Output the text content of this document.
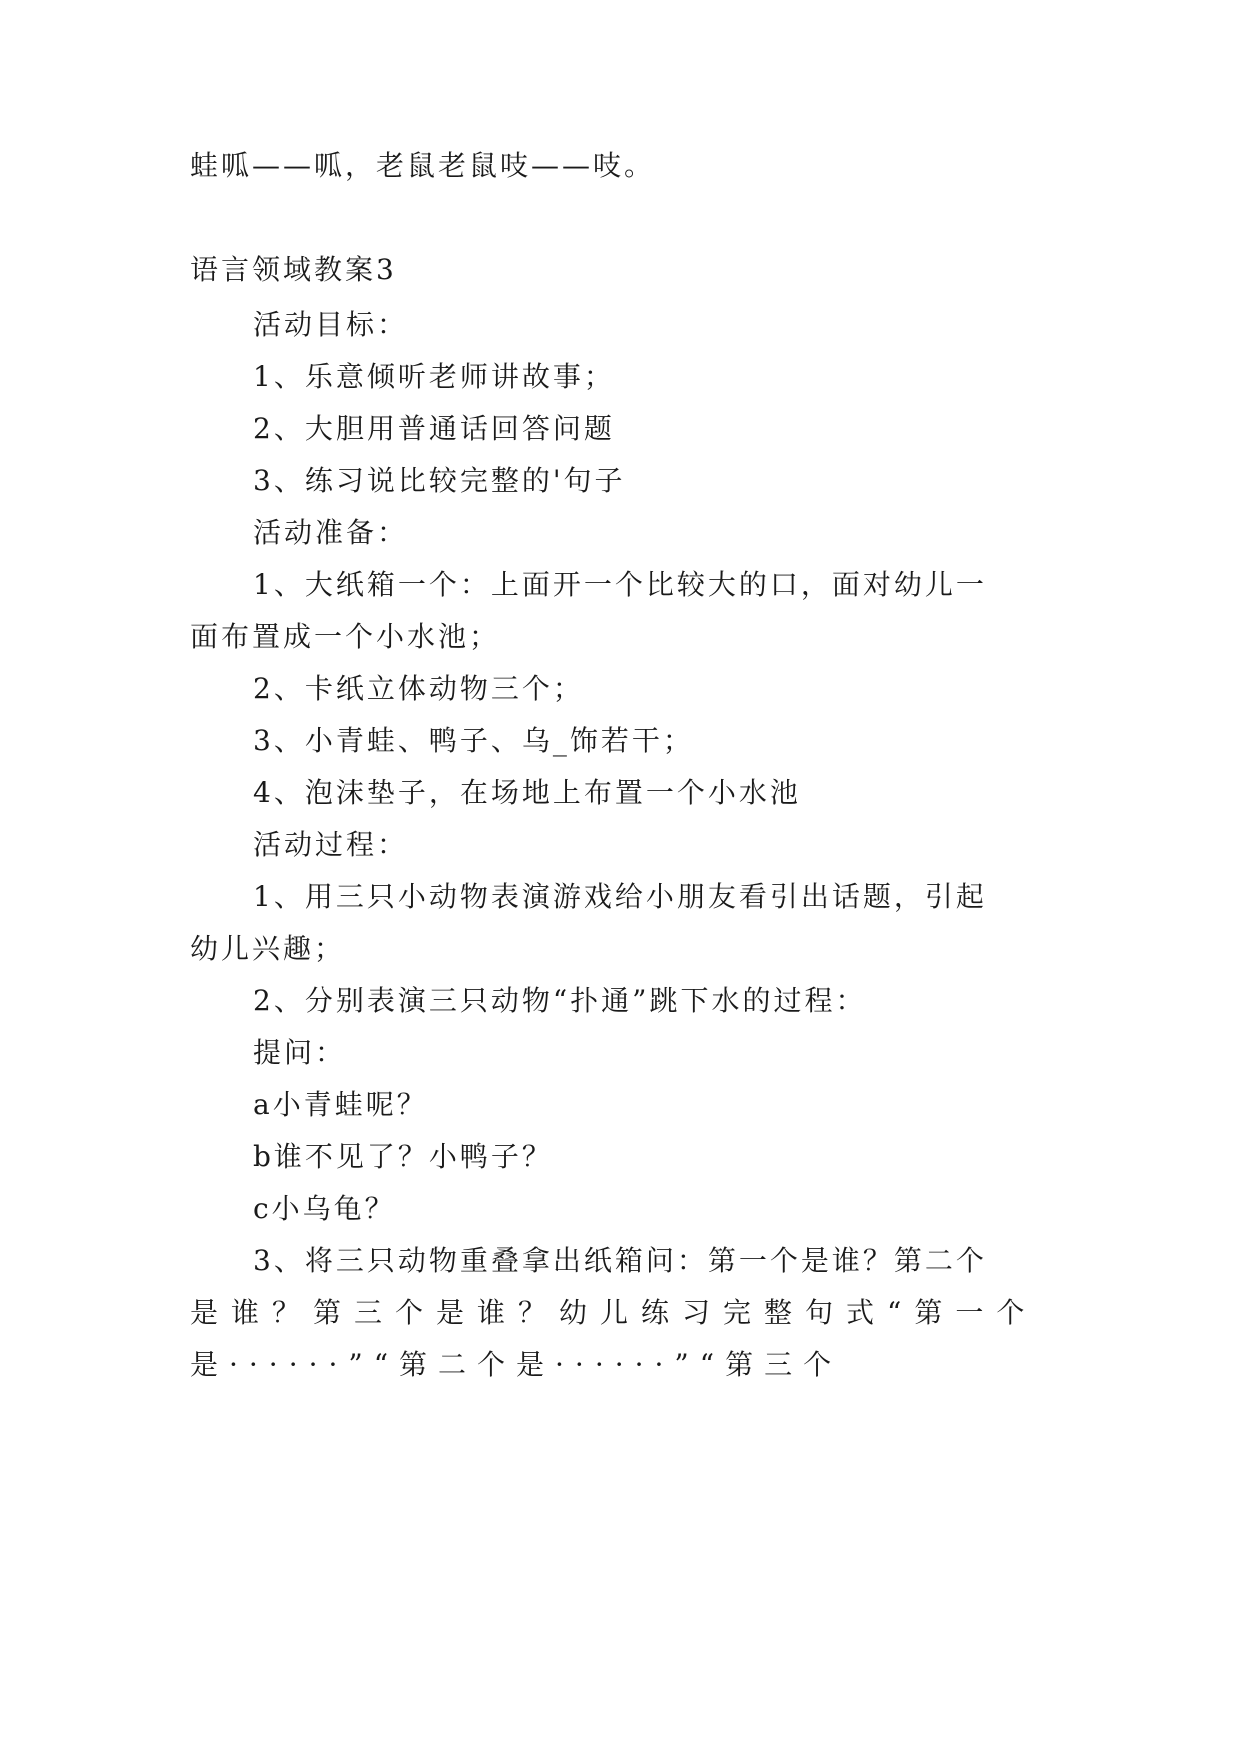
蛙呱——呱，老鼠老鼠吱——吱。
语言领域教案3
活动目标：
1、乐意倾听老师讲故事；
2、大胆用普通话回答问题
3、练习说比较完整的'句子
活动准备：
1、大纸箱一个：上面开一个比较大的口，面对幼儿一
面布置成一个小水池；
2、卡纸立体动物三个；
3、小青蛙、鸭子、乌_饰若干；
4、泡沫垫子，在场地上布置一个小水池
活动过程：
1、用三只小动物表演游戏给小朋友看引出话题，引起
幼儿兴趣；
2、分别表演三只动物“扑通”跳下水的过程：
提问：
a小青蛙呢？
b谁不见了？小鸭子？
c小乌龟？
3、将三只动物重叠拿出纸箱问：第一个是谁？第二个
是谁？第三个是谁？幼儿练习完整句式“第一个
是······”“第二个是······”“第三个
